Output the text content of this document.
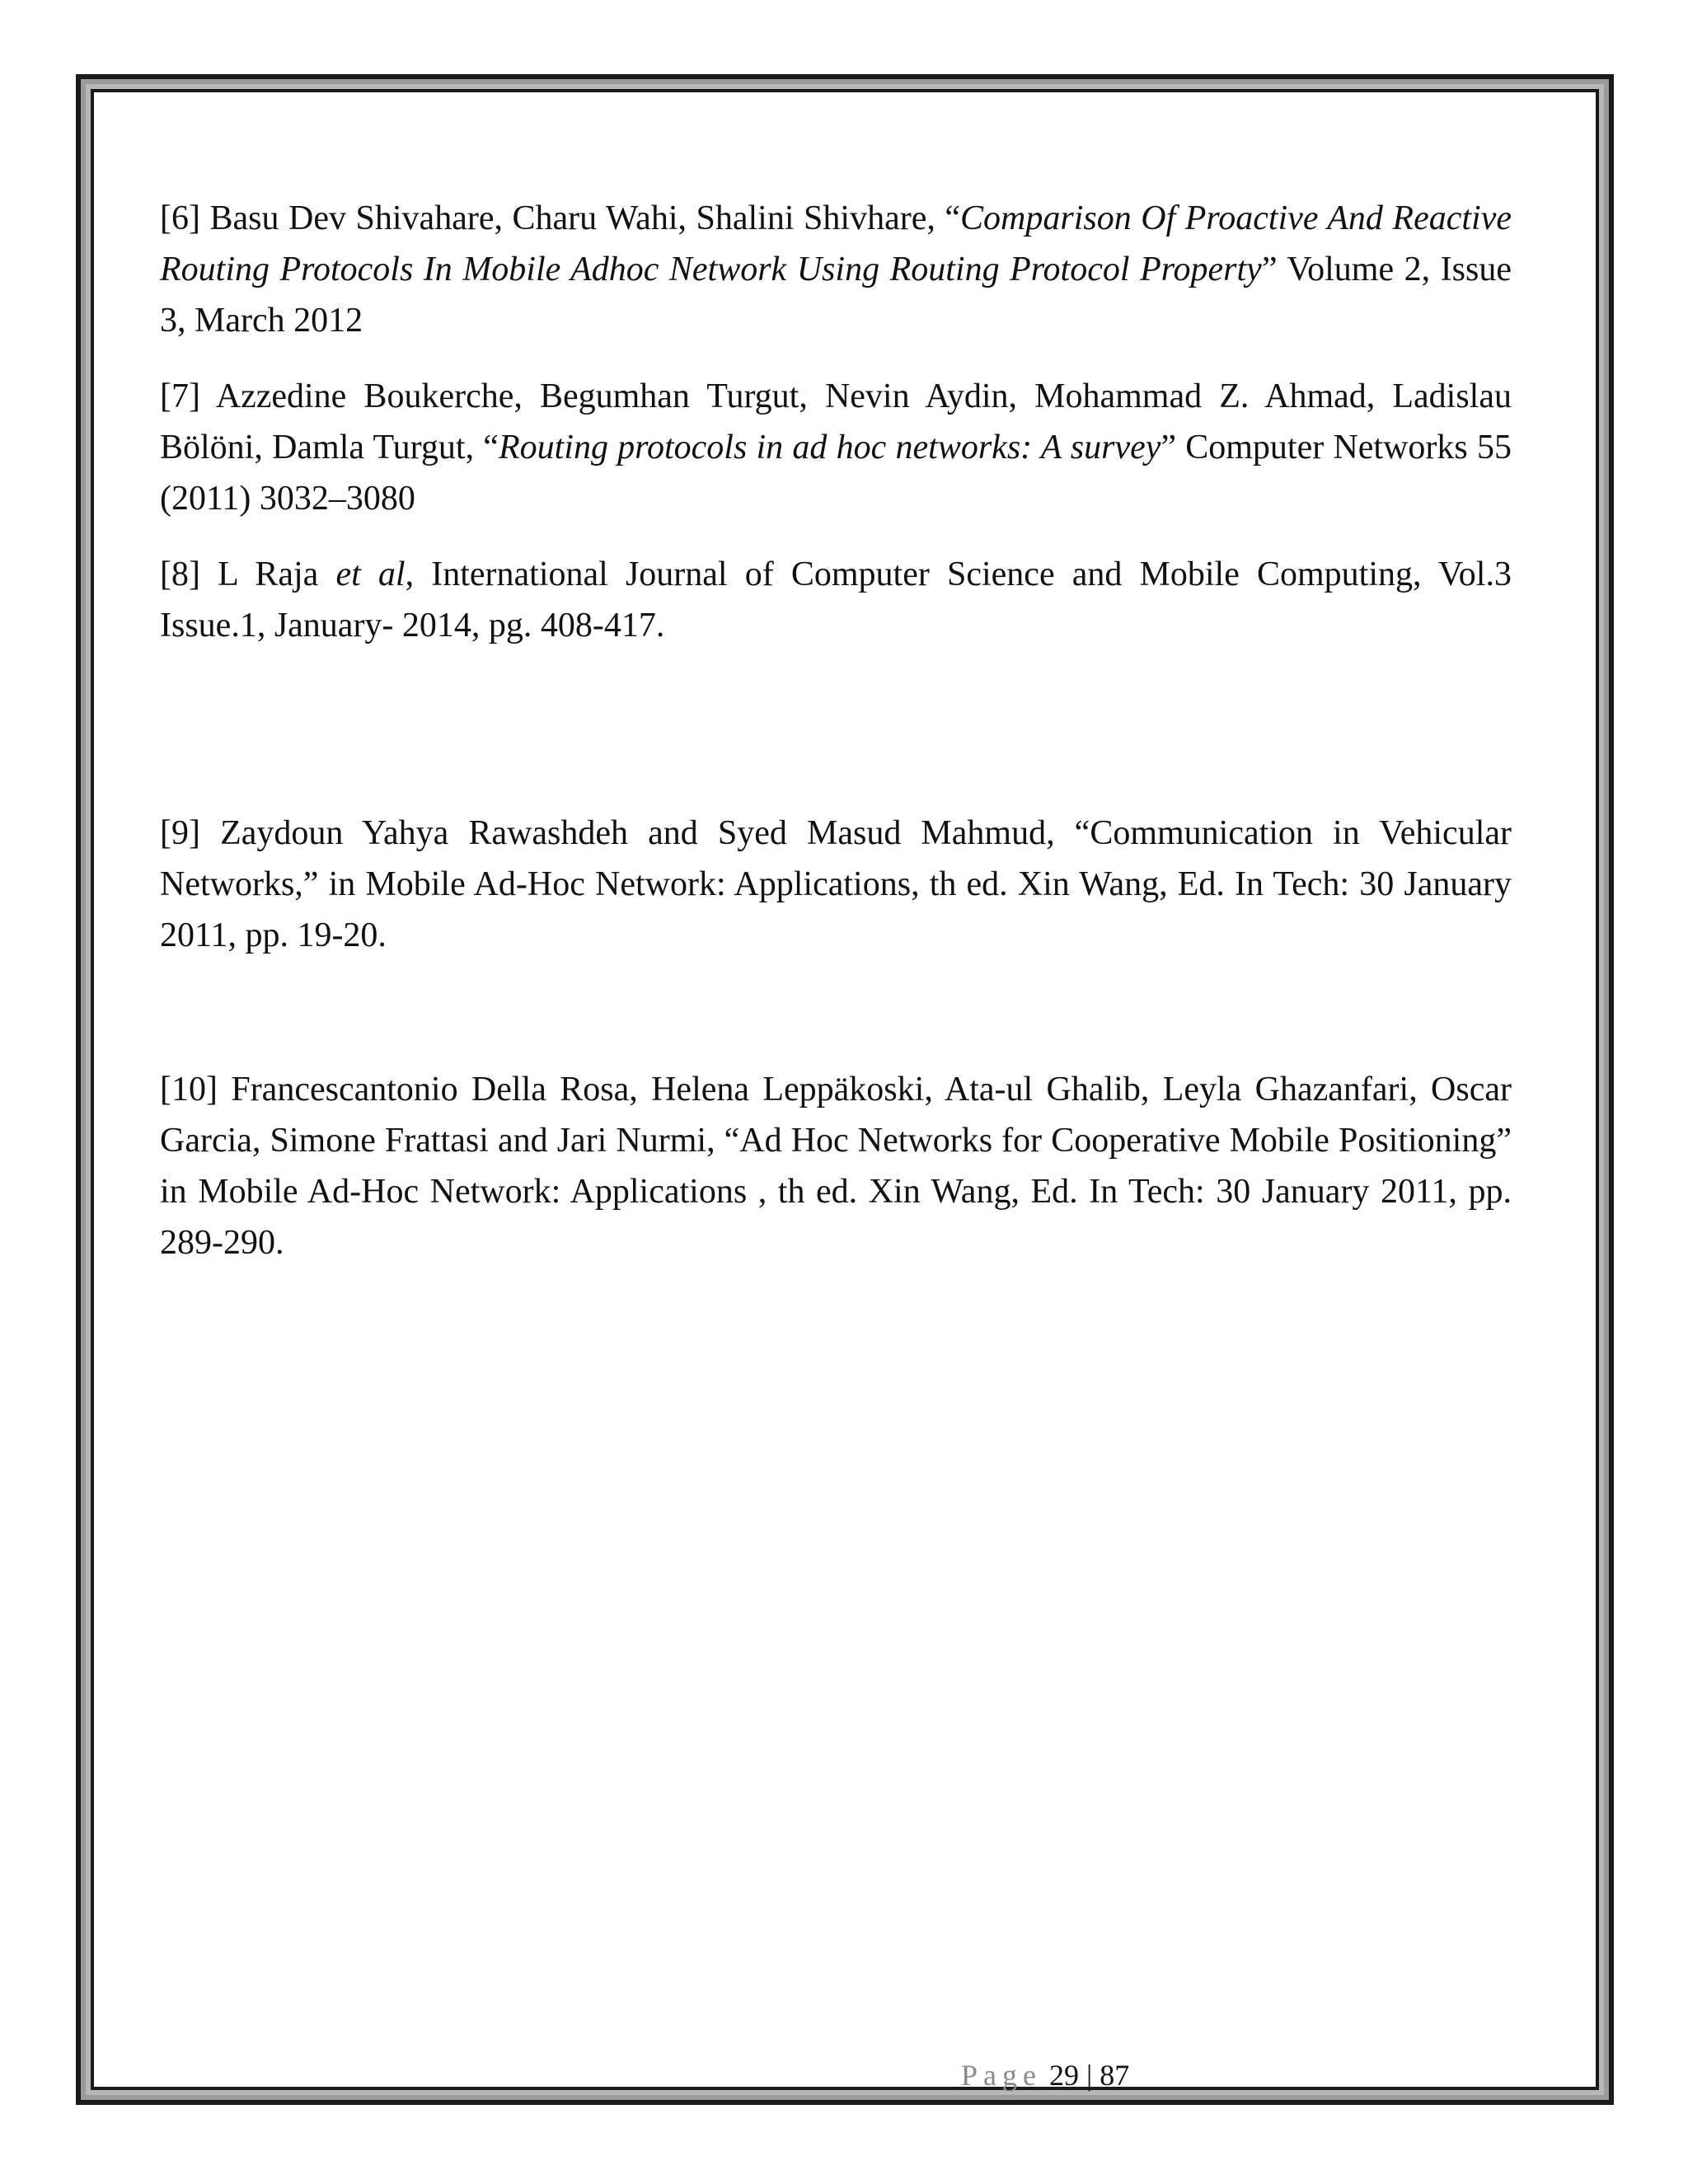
[6] Basu Dev Shivahare, Charu Wahi, Shalini Shivhare, “Comparison Of Proactive And Reactive Routing Protocols In Mobile Adhoc Network Using Routing Protocol Property” Volume 2, Issue 3, March 2012

[7] Azzedine Boukerche, Begumhan Turgut, Nevin Aydin, Mohammad Z. Ahmad, Ladislau Bölöni, Damla Turgut, “Routing protocols in ad hoc networks: A survey” Computer Networks 55 (2011) 3032–3080

[8] L Raja et al, International Journal of Computer Science and Mobile Computing, Vol.3 Issue.1, January- 2014, pg. 408-417.

[9] Zaydoun Yahya Rawashdeh and Syed Masud Mahmud, “Communication in Vehicular Networks,” in Mobile Ad-Hoc Network: Applications, th ed. Xin Wang, Ed. In Tech: 30 January 2011, pp. 19-20.

[10] Francescantonio Della Rosa, Helena Leppäkoski, Ata-ul Ghalib, Leyla Ghazanfari, Oscar Garcia, Simone Frattasi and Jari Nurmi, “Ad Hoc Networks for Cooperative Mobile Positioning” in Mobile Ad-Hoc Network: Applications , th ed. Xin Wang, Ed. In Tech: 30 January 2011, pp. 289-290.

Page 29 | 87
